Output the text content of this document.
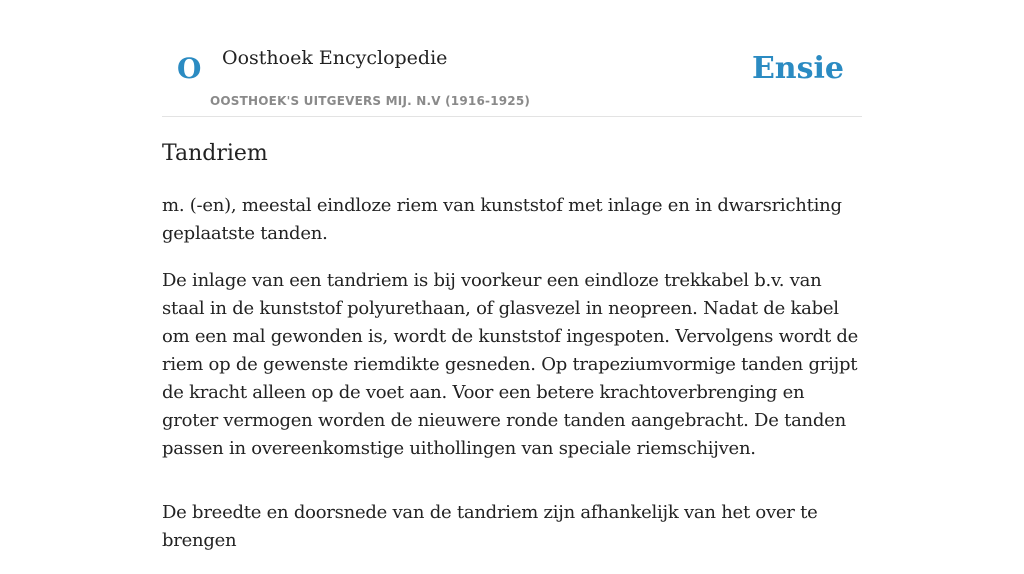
O Oosthoek Encyclopedie
OOSTHOEK'S UITGEVERS MIJ. N.V (1916-1925)
Ensie
Tandriem

m. (-en), meestal eindloze riem van kunststof met inlage en in dwarsrichting geplaatste tanden.

De inlage van een tandriem is bij voorkeur een eindloze trekkabel b.v. van staal in de kunststof polyurethaan, of glasvezel in neopreen. Nadat de kabel om een mal gewonden is, wordt de kunststof ingespoten. Vervolgens wordt de riem op de gewenste riemdikte gesneden. Op trapeziumvormige tanden grijpt de kracht alleen op de voet aan. Voor een betere krachtoverbrenging en groter vermogen worden de nieuwere ronde tanden aangebracht. De tanden passen in overeenkomstige uithollingen van speciale riemschijven.

De breedte en doorsnede van de tandriem zijn afhankelijk van het over te brengen
